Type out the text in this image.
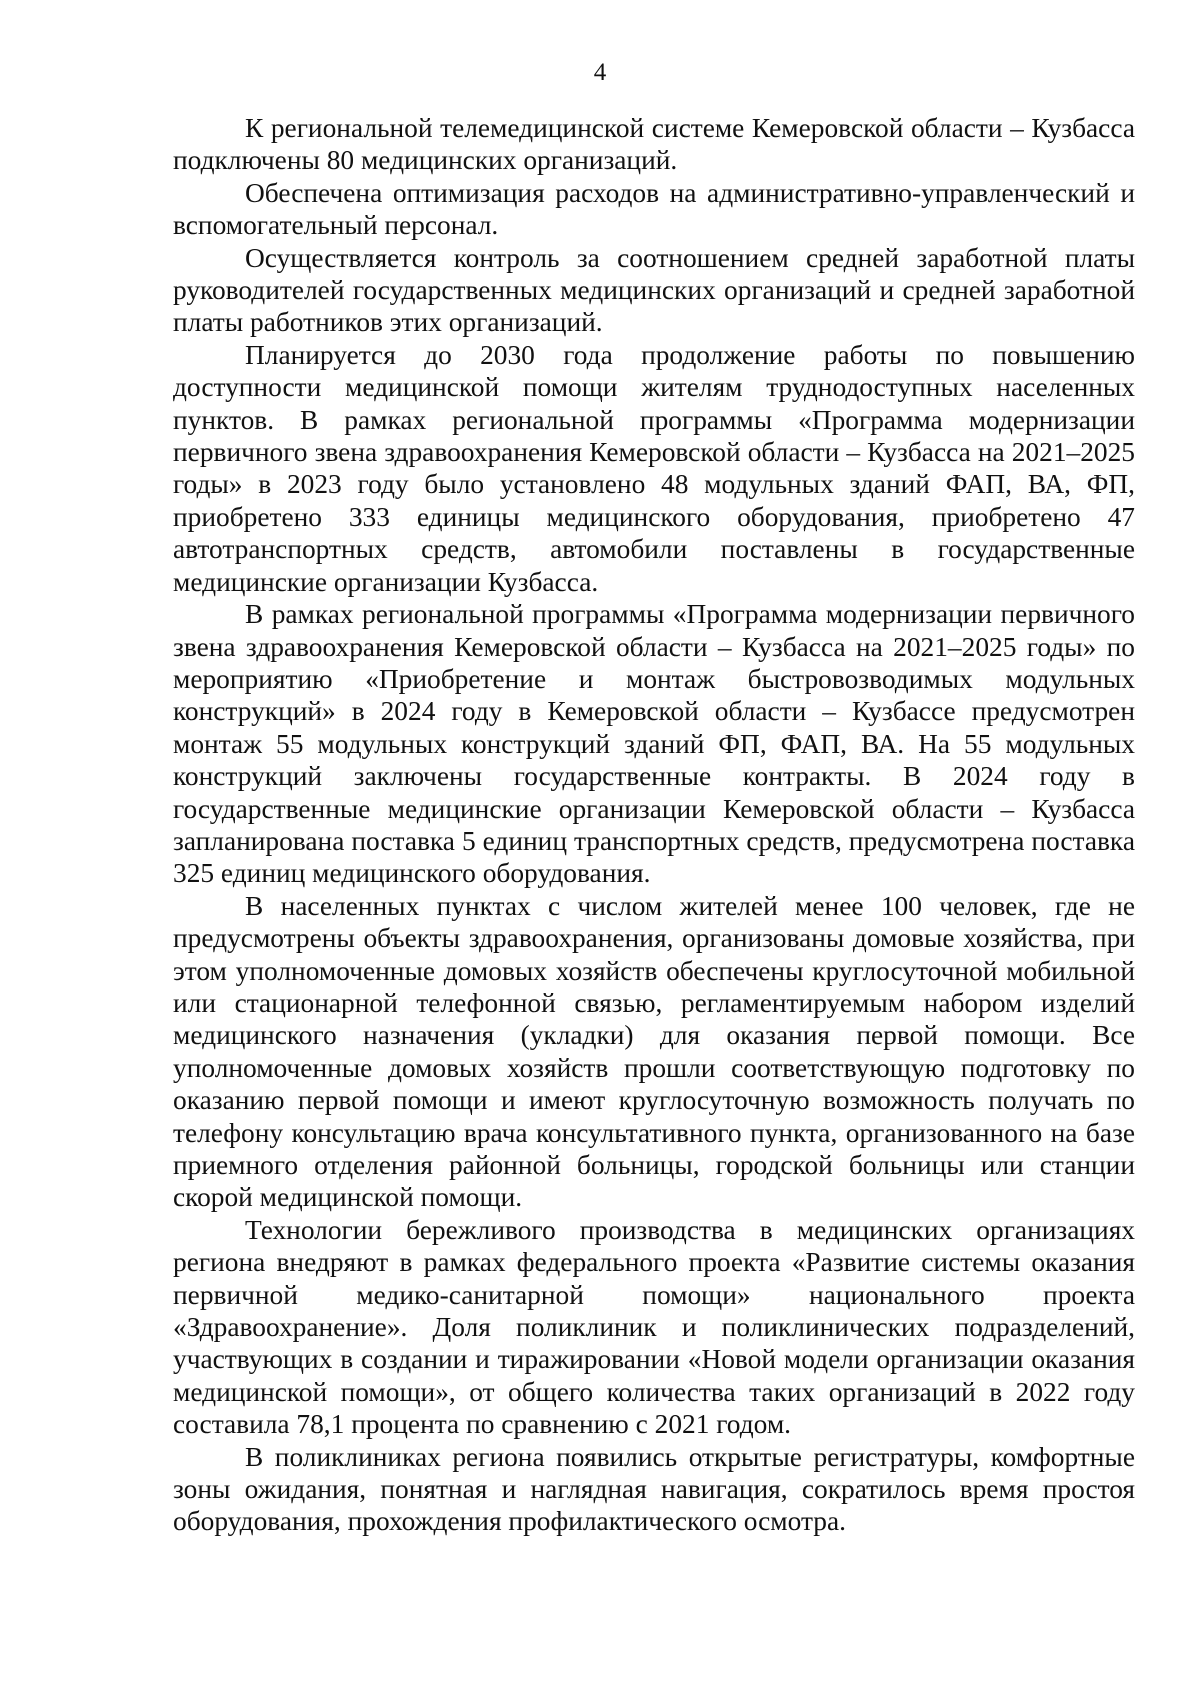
4

К региональной телемедицинской системе Кемеровской области – Кузбасса подключены 80 медицинских организаций.

Обеспечена оптимизация расходов на административно-управленческий и вспомогательный персонал.

Осуществляется контроль за соотношением средней заработной платы руководителей государственных медицинских организаций и средней заработной платы работников этих организаций.

Планируется до 2030 года продолжение работы по повышению доступности медицинской помощи жителям труднодоступных населенных пунктов. В рамках региональной программы «Программа модернизации первичного звена здравоохранения Кемеровской области – Кузбасса на 2021–2025 годы» в 2023 году было установлено 48 модульных зданий ФАП, ВА, ФП, приобретено 333 единицы медицинского оборудования, приобретено 47 автотранспортных средств, автомобили поставлены в государственные медицинские организации Кузбасса.

В рамках региональной программы «Программа модернизации первичного звена здравоохранения Кемеровской области – Кузбасса на 2021–2025 годы» по мероприятию «Приобретение и монтаж быстровозводимых модульных конструкций» в 2024 году в Кемеровской области – Кузбассе предусмотрен монтаж 55 модульных конструкций зданий ФП, ФАП, ВА. На 55 модульных конструкций заключены государственные контракты. В 2024 году в государственные медицинские организации Кемеровской области – Кузбасса запланирована поставка 5 единиц транспортных средств, предусмотрена поставка 325 единиц медицинского оборудования.

В населенных пунктах с числом жителей менее 100 человек, где не предусмотрены объекты здравоохранения, организованы домовые хозяйства, при этом уполномоченные домовых хозяйств обеспечены круглосуточной мобильной или стационарной телефонной связью, регламентируемым набором изделий медицинского назначения (укладки) для оказания первой помощи. Все уполномоченные домовых хозяйств прошли соответствующую подготовку по оказанию первой помощи и имеют круглосуточную возможность получать по телефону консультацию врача консультативного пункта, организованного на базе приемного отделения районной больницы, городской больницы или станции скорой медицинской помощи.

Технологии бережливого производства в медицинских организациях региона внедряют в рамках федерального проекта «Развитие системы оказания первичной медико-санитарной помощи» национального проекта «Здравоохранение». Доля поликлиник и поликлинических подразделений, участвующих в создании и тиражировании «Новой модели организации оказания медицинской помощи», от общего количества таких организаций в 2022 году составила 78,1 процента по сравнению с 2021 годом.

В поликлиниках региона появились открытые регистратуры, комфортные зоны ожидания, понятная и наглядная навигация, сократилось время простоя оборудования, прохождения профилактического осмотра.
